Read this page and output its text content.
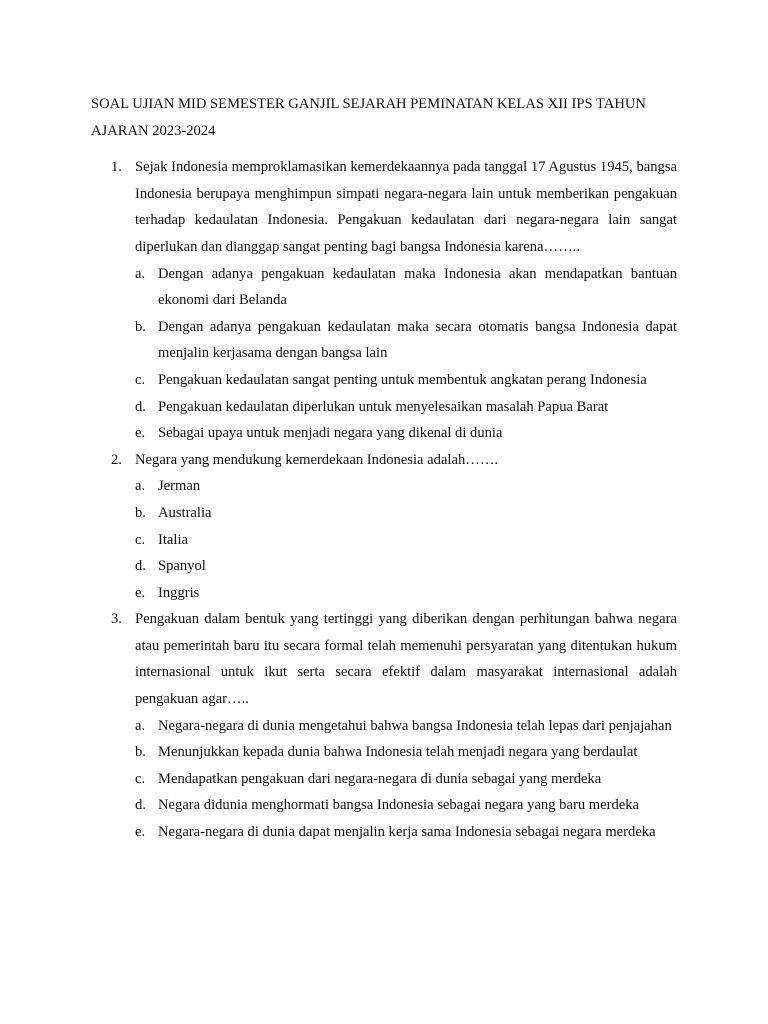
SOAL UJIAN MID SEMESTER GANJIL SEJARAH PEMINATAN KELAS XII IPS TAHUN AJARAN 2023-2024
1. Sejak Indonesia memproklamasikan kemerdekaannya pada tanggal 17 Agustus 1945, bangsa Indonesia berupaya menghimpun simpati negara-negara lain untuk memberikan pengakuan terhadap kedaulatan Indonesia. Pengakuan kedaulatan dari negara-negara lain sangat diperlukan dan dianggap sangat penting bagi bangsa Indonesia karena……..
a. Dengan adanya pengakuan kedaulatan maka Indonesia akan mendapatkan bantuan ekonomi dari Belanda
b. Dengan adanya pengakuan kedaulatan maka secara otomatis bangsa Indonesia dapat menjalin kerjasama dengan bangsa lain
c. Pengakuan kedaulatan sangat penting untuk membentuk angkatan perang Indonesia
d. Pengakuan kedaulatan diperlukan untuk menyelesaikan masalah Papua Barat
e. Sebagai upaya untuk menjadi negara yang dikenal di dunia
2. Negara yang mendukung kemerdekaan Indonesia adalah…….
a. Jerman
b. Australia
c. Italia
d. Spanyol
e. Inggris
3. Pengakuan dalam bentuk yang tertinggi yang diberikan dengan perhitungan bahwa negara atau pemerintah baru itu secara formal telah memenuhi persyaratan yang ditentukan hukum internasional untuk ikut serta secara efektif dalam masyarakat internasional adalah pengakuan agar…..
a. Negara-negara di dunia mengetahui bahwa bangsa Indonesia telah lepas dari penjajahan
b. Menunjukkan kepada dunia bahwa Indonesia telah menjadi negara yang berdaulat
c. Mendapatkan pengakuan dari negara-negara di dunia sebagai yang merdeka
d. Negara didunia menghormati bangsa Indonesia sebagai negara yang baru merdeka
e. Negara-negara di dunia dapat menjalin kerja sama Indonesia sebagai negara merdeka
